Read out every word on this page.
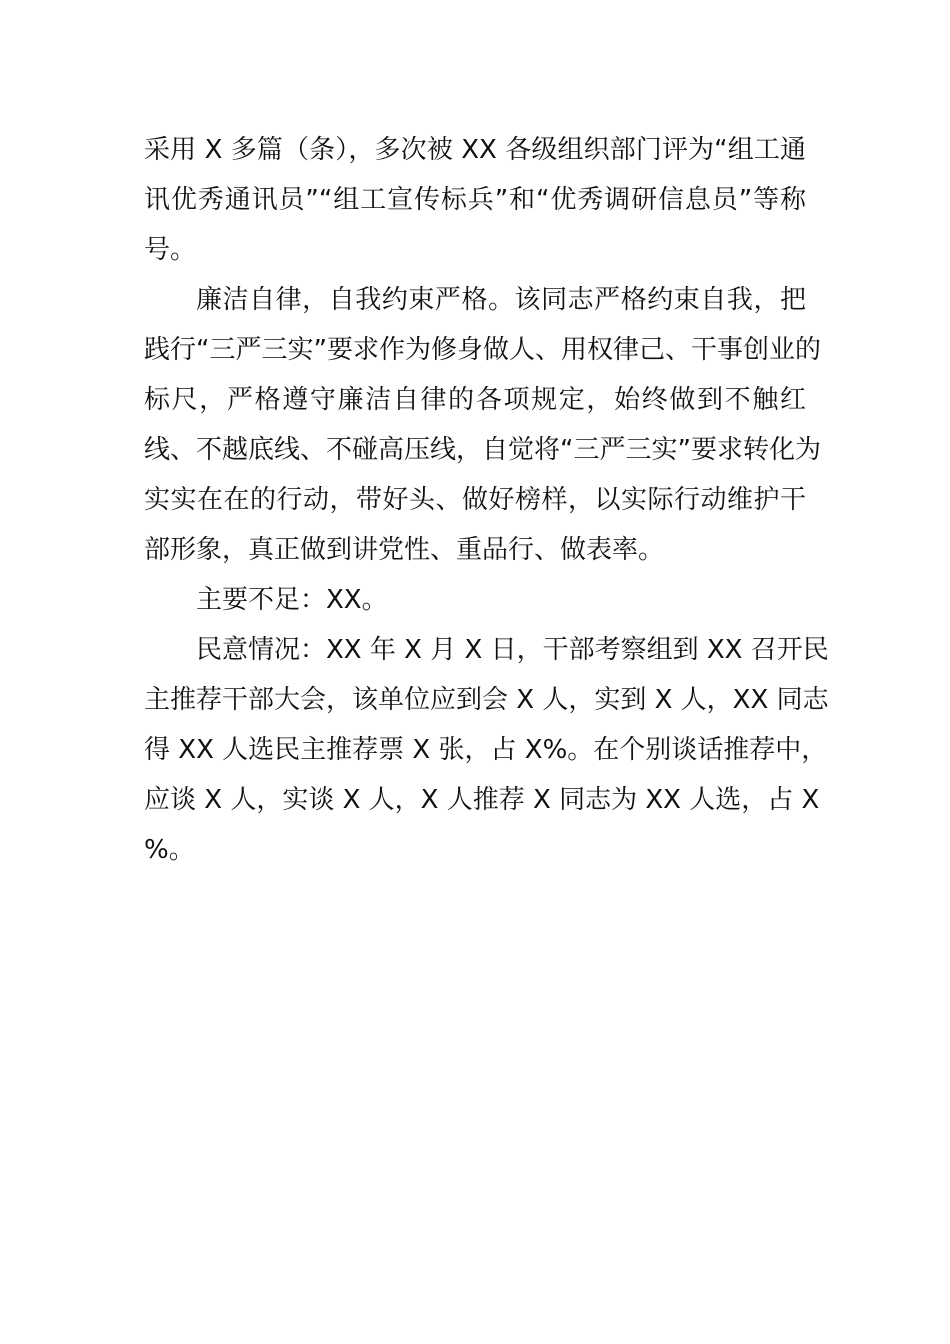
采用 X 多篇（条），多次被 XX 各级组织部门评为“组工通
讯优秀通讯员”“组工宣传标兵”和“优秀调研信息员”等称
号。
廉洁自律，自我约束严格。该同志严格约束自我，把
践行“三严三实”要求作为修身做人、用权律己、干事创业的
标尺，严格遵守廉洁自律的各项规定，始终做到不触红
线、不越底线、不碰高压线，自觉将“三严三实”要求转化为
实实在在的行动，带好头、做好榜样，以实际行动维护干
部形象，真正做到讲党性、重品行、做表率。
主要不足：XX。
民意情况：XX 年 X 月 X 日，干部考察组到 XX 召开民
主推荐干部大会，该单位应到会 X 人，实到 X 人，XX 同志
得 XX 人选民主推荐票 X 张，占 X%。在个别谈话推荐中，
应谈 X 人，实谈 X 人，X 人推荐 X 同志为 XX 人选，占 X
%。
